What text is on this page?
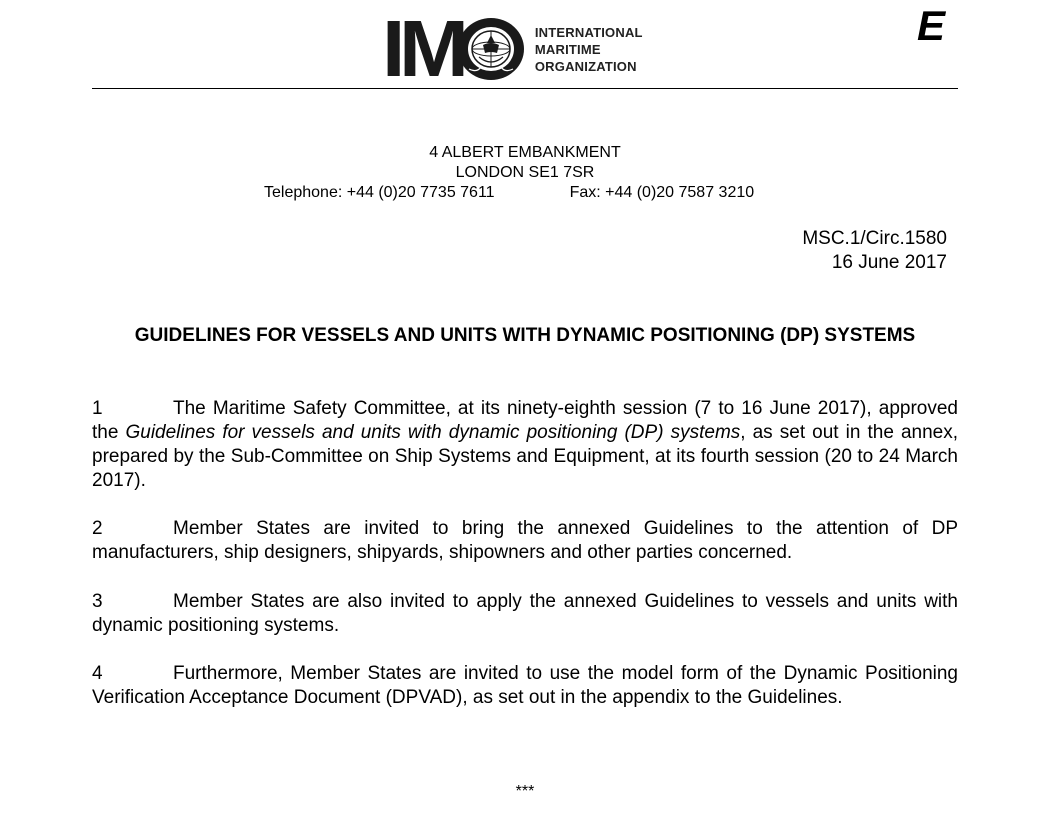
IM	INTERNATIONAL
MARITIME
ORGANIZATION
E
4 ALBERT EMBANKMENT
LONDON SE1 7SR
Telephone: +44 (0)20 7735 7611	Fax: +44 (0)20 7587 3210
MSC.1/Circ.1580
16 June 2017
GUIDELINES FOR VESSELS AND UNITS WITH DYNAMIC POSITIONING (DP) SYSTEMS
1	The Maritime Safety Committee, at its ninety-eighth session (7 to 16 June 2017), approved the Guidelines for vessels and units with dynamic positioning (DP) systems, as set out in the annex, prepared by the Sub-Committee on Ship Systems and Equipment, at its fourth session (20 to 24 March 2017).
2	Member States are invited to bring the annexed Guidelines to the attention of DP manufacturers, ship designers, shipyards, shipowners and other parties concerned.
3	Member States are also invited to apply the annexed Guidelines to vessels and units with dynamic positioning systems.
4	Furthermore, Member States are invited to use the model form of the Dynamic Positioning Verification Acceptance Document (DPVAD), as set out in the appendix to the Guidelines.
***
